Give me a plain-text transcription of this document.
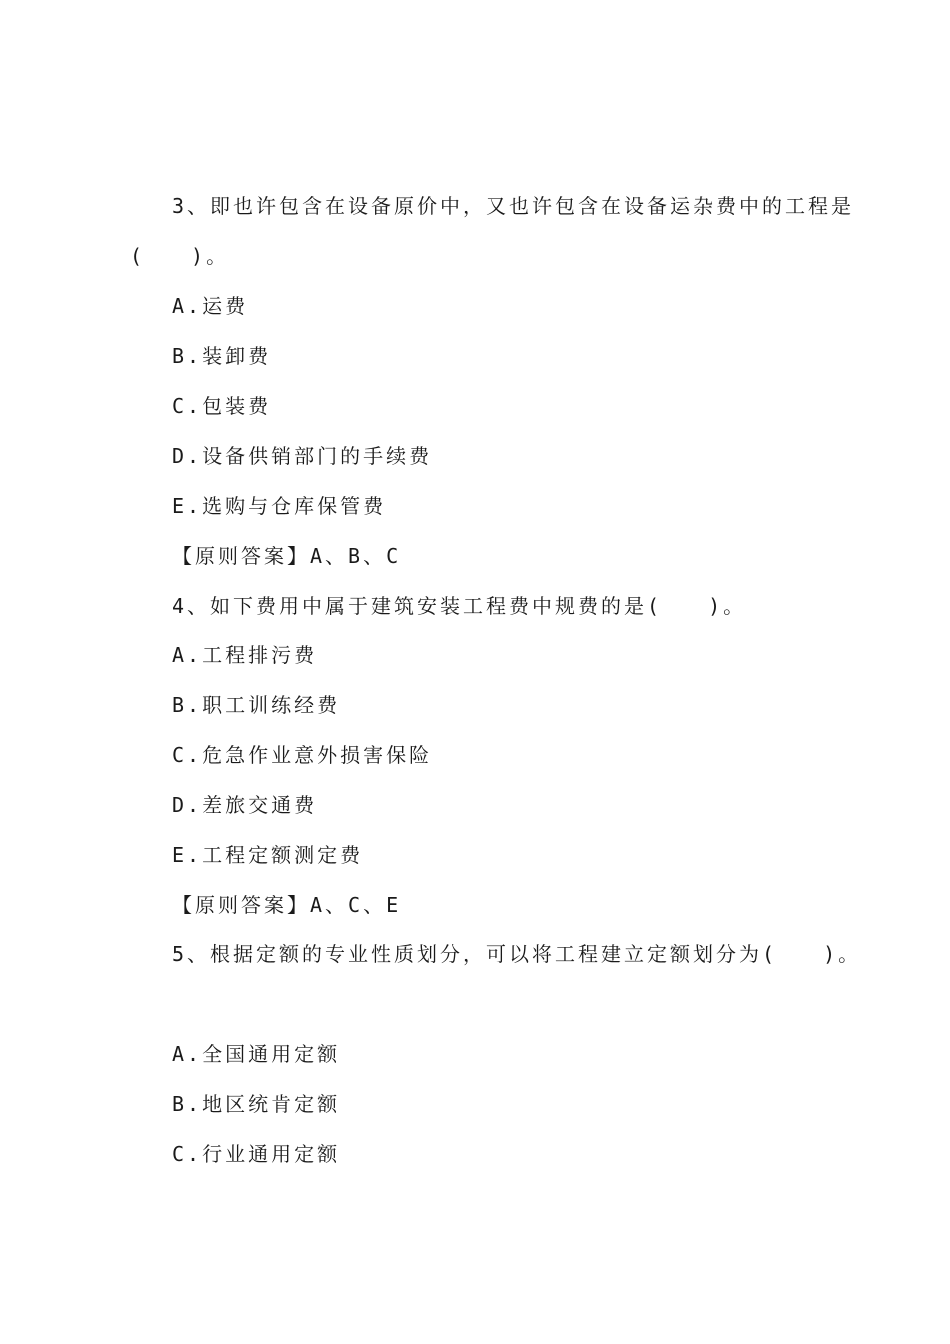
3、即也许包含在设备原价中，又也许包含在设备运杂费中的工程是
(　　)。
A.运费
B.装卸费
C.包装费
D.设备供销部门的手续费
E.选购与仓库保管费
【原则答案】A、B、C
4、如下费用中属于建筑安装工程费中规费的是(　　)。
A.工程排污费
B.职工训练经费
C.危急作业意外损害保险
D.差旅交通费
E.工程定额测定费
【原则答案】A、C、E
5、根据定额的专业性质划分，可以将工程建立定额划分为(　　)。
A.全国通用定额
B.地区统肯定额
C.行业通用定额
